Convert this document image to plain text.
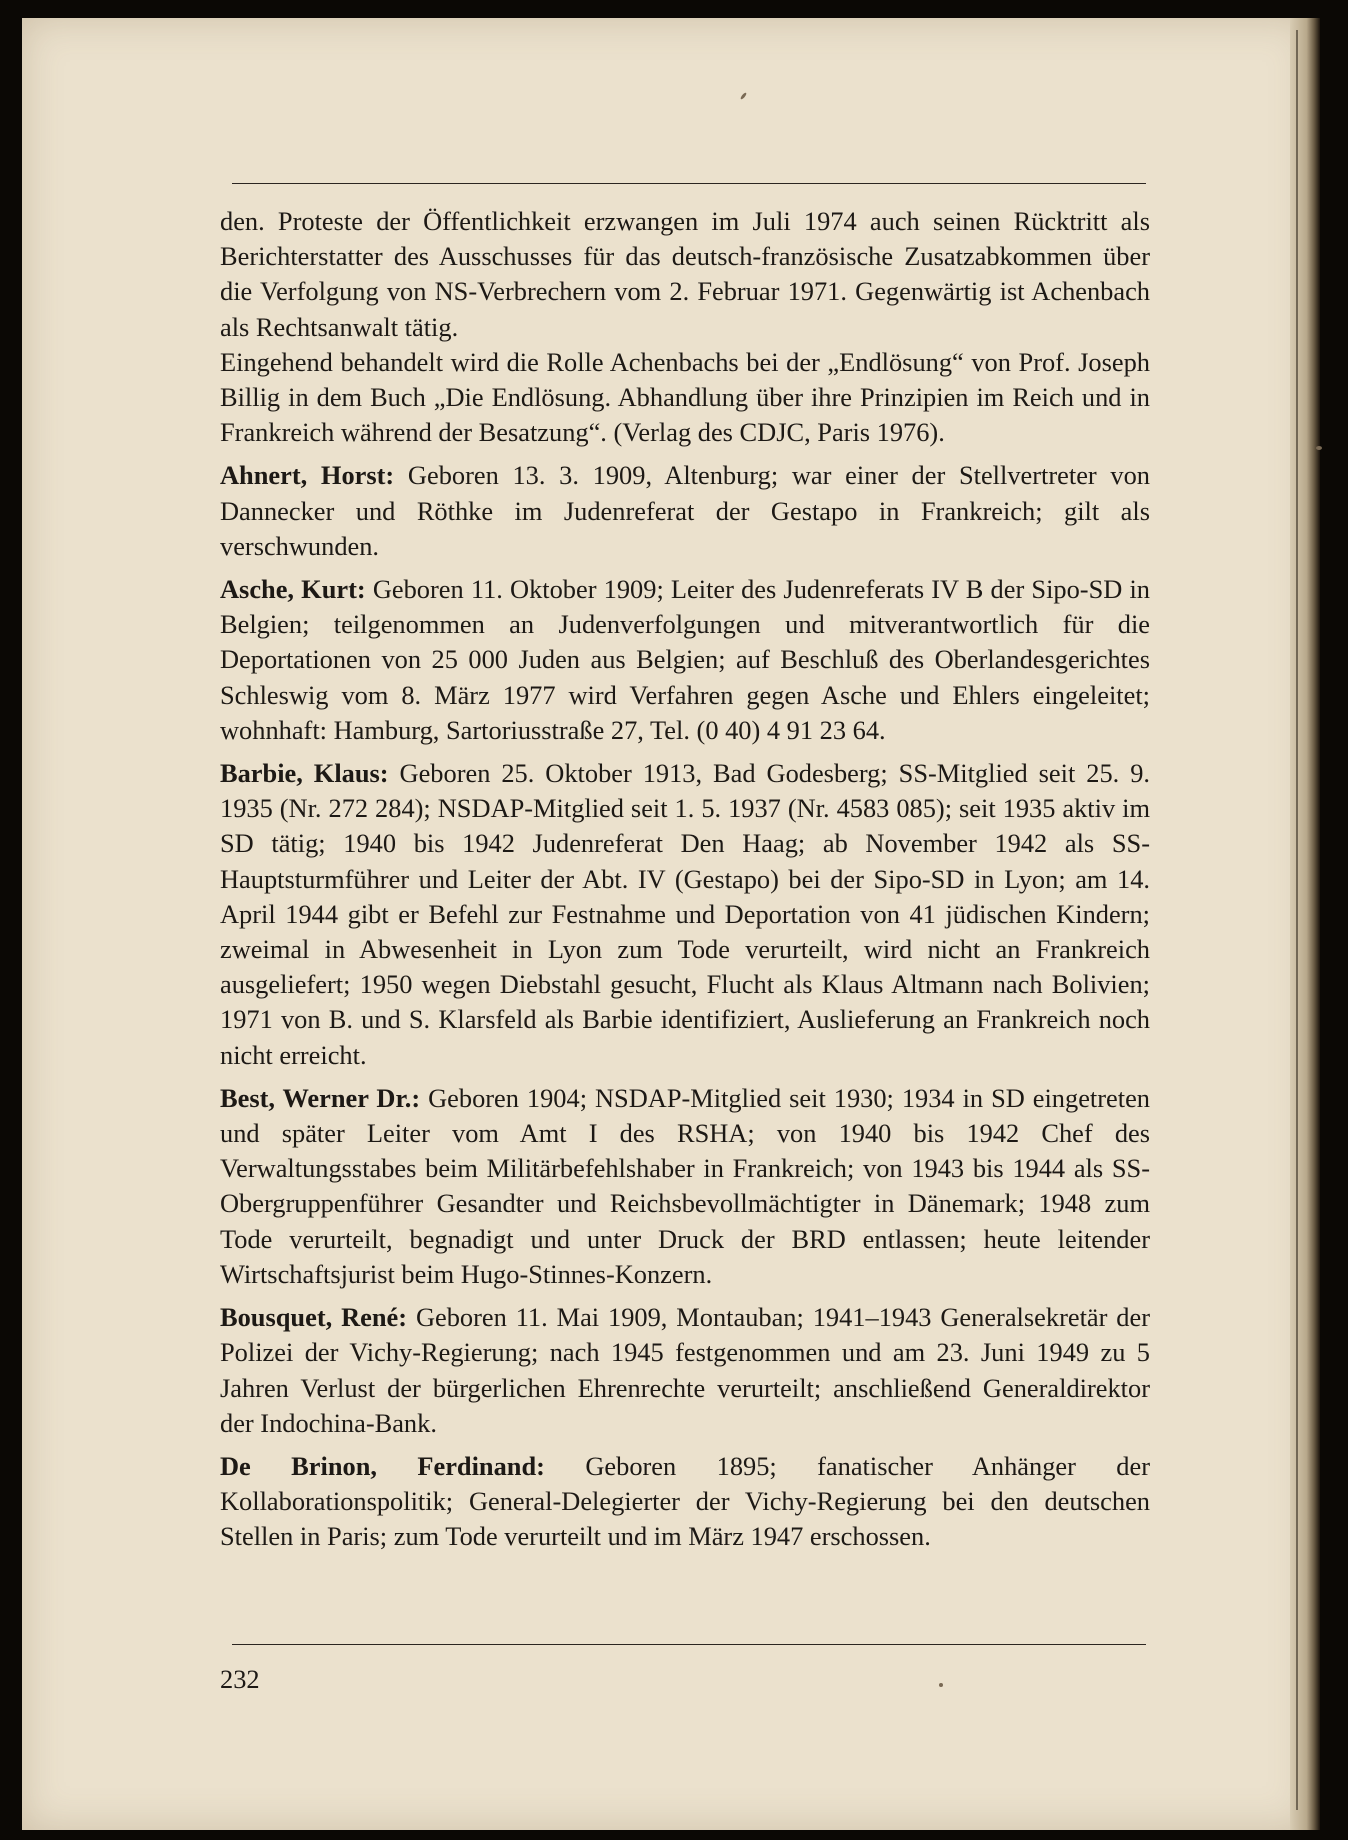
den. Proteste der Öffentlichkeit erzwangen im Juli 1974 auch seinen Rücktritt als Berichterstatter des Ausschusses für das deutsch-französische Zusatzabkommen über die Verfolgung von NS-Verbrechern vom 2. Februar 1971. Gegenwärtig ist Achenbach als Rechtsanwalt tätig.

Eingehend behandelt wird die Rolle Achenbachs bei der „Endlösung“ von Prof. Joseph Billig in dem Buch „Die Endlösung. Abhandlung über ihre Prinzipien im Reich und in Frankreich während der Besatzung“. (Verlag des CDJC, Paris 1976).

Ahnert, Horst: Geboren 13. 3. 1909, Altenburg; war einer der Stellvertreter von Dannecker und Röthke im Judenreferat der Gestapo in Frankreich; gilt als verschwunden.

Asche, Kurt: Geboren 11. Oktober 1909; Leiter des Judenreferats IV B der Sipo-SD in Belgien; teilgenommen an Judenverfolgungen und mitverantwortlich für die Deportationen von 25 000 Juden aus Belgien; auf Beschluß des Oberlandesgerichtes Schleswig vom 8. März 1977 wird Verfahren gegen Asche und Ehlers eingeleitet; wohnhaft: Hamburg, Sartoriusstraße 27, Tel. (0 40) 4 91 23 64.

Barbie, Klaus: Geboren 25. Oktober 1913, Bad Godesberg; SS-Mitglied seit 25. 9. 1935 (Nr. 272 284); NSDAP-Mitglied seit 1. 5. 1937 (Nr. 4583 085); seit 1935 aktiv im SD tätig; 1940 bis 1942 Judenreferat Den Haag; ab November 1942 als SS-Hauptsturmführer und Leiter der Abt. IV (Gestapo) bei der Sipo-SD in Lyon; am 14. April 1944 gibt er Befehl zur Festnahme und Deportation von 41 jüdischen Kindern; zweimal in Abwesenheit in Lyon zum Tode verurteilt, wird nicht an Frankreich ausgeliefert; 1950 wegen Diebstahl gesucht, Flucht als Klaus Altmann nach Bolivien; 1971 von B. und S. Klarsfeld als Barbie identifiziert, Auslieferung an Frankreich noch nicht erreicht.

Best, Werner Dr.: Geboren 1904; NSDAP-Mitglied seit 1930; 1934 in SD eingetreten und später Leiter vom Amt I des RSHA; von 1940 bis 1942 Chef des Verwaltungsstabes beim Militärbefehlshaber in Frankreich; von 1943 bis 1944 als SS-Obergruppenführer Gesandter und Reichsbevollmächtigter in Dänemark; 1948 zum Tode verurteilt, begnadigt und unter Druck der BRD entlassen; heute leitender Wirtschaftsjurist beim Hugo-Stinnes-Konzern.

Bousquet, René: Geboren 11. Mai 1909, Montauban; 1941–1943 Generalsekretär der Polizei der Vichy-Regierung; nach 1945 festgenommen und am 23. Juni 1949 zu 5 Jahren Verlust der bürgerlichen Ehrenrechte verurteilt; anschließend Generaldirektor der Indochina-Bank.

De Brinon, Ferdinand: Geboren 1895; fanatischer Anhänger der Kollaborationspolitik; General-Delegierter der Vichy-Regierung bei den deutschen Stellen in Paris; zum Tode verurteilt und im März 1947 erschossen.

232
